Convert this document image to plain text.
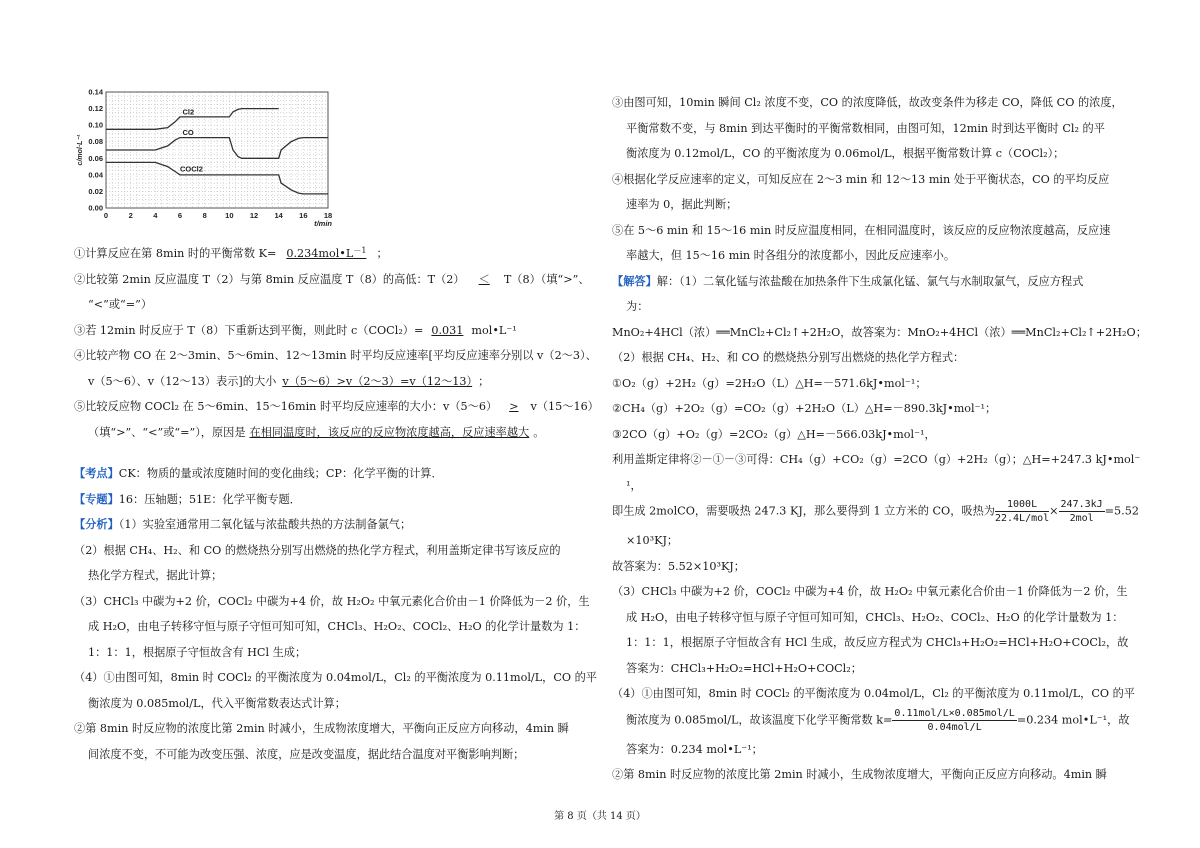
0	2	4	6	8 10 12 14 16 18
0.00
0.02
0.04
0.06
0.08
0.10
0.12
0.14
t/min
c/mol·L⁻¹
Cl2
CO
COCl2
①计算反应在第 8min 时的平衡常数 $K= 0.234mol•L^{-1}$ ；
②比较第 2min 反应温度 T（2）与第 8min 反应温度 T（8）的高低：T（2） ＜ T（8）（填“>”、
“<”或“=”）
③若 12min 时反应于 T（8）下重新达到平衡，则此时 c（COCl₂）= 0.031 mol•L⁻¹
④比较产物 CO 在 2～3min、5～6min、12～13min 时平均反应速率[平均反应速率分别以 v（2～3）、
v（5～6）、v（12～13）表示]的大小 v（5～6）>v（2～3）=v（12～13） ；
⑤比较反应物 COCl₂ 在 5～6min、15～16min 时平均反应速率的大小：v（5～6） > v（15～16）
（填“>”、“<”或“=”），原因是 在相同温度时，该反应的反应物浓度越高，反应速率越大 。
【考点】CK：物质的量或浓度随时间的变化曲线；CP：化学平衡的计算．
【专题】16：压轴题；51E：化学平衡专题．
【分析】（1）实验室通常用二氧化锰与浓盐酸共热的方法制备氯气；
（2）根据 CH₄、H₂、和 CO 的燃烧热分别写出燃烧的热化学方程式，利用盖斯定律书写该反应的
热化学方程式，据此计算；
（3）CHCl₃ 中碳为+2 价，COCl₂ 中碳为+4 价，故 H₂O₂ 中氧元素化合价由－1 价降低为－2 价，生
成 H₂O，由电子转移守恒与原子守恒可知可知，CHCl₃、H₂O₂、COCl₂、H₂O 的化学计量数为 1：
1：1：1，根据原子守恒故含有 HCl 生成；
（4）①由图可知，8min 时 COCl₂ 的平衡浓度为 0.04mol/L，Cl₂ 的平衡浓度为 0.11mol/L，CO 的平
衡浓度为 0.085mol/L，代入平衡常数表达式计算；
②第 8min 时反应物的浓度比第 2min 时减小，生成物浓度增大，平衡向正反应方向移动，4min 瞬
间浓度不变，不可能为改变压强、浓度，应是改变温度，据此结合温度对平衡影响判断；
③由图可知，10min 瞬间 Cl₂ 浓度不变，CO 的浓度降低，故改变条件为移走 CO，降低 CO 的浓度，
平衡常数不变，与 8min 到达平衡时的平衡常数相同，由图可知，12min 时到达平衡时 Cl₂ 的平
衡浓度为 0.12mol/L，CO 的平衡浓度为 0.06mol/L，根据平衡常数计算 c（COCl₂）；
④根据化学反应速率的定义，可知反应在 2～3 min 和 12～13 min 处于平衡状态，CO 的平均反应
速率为 0，据此判断；
⑤在 5～6 min 和 15～16 min 时反应温度相同，在相同温度时，该反应的反应物浓度越高，反应速
率越大，但 15～16 min 时各组分的浓度都小，因此反应速率小。
【解答】解：（1）二氧化锰与浓盐酸在加热条件下生成氯化锰、氯气与水制取氯气，反应方程式
为：
MnO₂+4HCl（浓）══MnCl₂+Cl₂↑+2H₂O，故答案为：MnO₂+4HCl（浓）══MnCl₂+Cl₂↑+2H₂O；
（2）根据 CH₄、H₂、和 CO 的燃烧热分别写出燃烧的热化学方程式：
①O₂（g）+2H₂（g）=2H₂O（L）△H=－571.6kJ•mol⁻¹；
②CH₄（g）+2O₂（g）=CO₂（g）+2H₂O（L）△H=－890.3kJ•mol⁻¹；
③2CO（g）+O₂（g）=2CO₂（g）△H=－566.03kJ•mol⁻¹，
利用盖斯定律将②－①－③可得：CH₄（g）+CO₂（g）=2CO（g）+2H₂（g）；△H=+247.3 kJ•mol⁻
¹，
即生成 2molCO，需要吸热 247.3 KJ，那么要得到 1 立方米的 CO，吸热为	1000L
22.4L/mol
× 247.3kJ
2mol
=5.52
×10³KJ；
故答案为：5.52×10³KJ；
（3）CHCl₃ 中碳为+2 价，COCl₂ 中碳为+4 价，故 H₂O₂ 中氧元素化合价由－1 价降低为－2 价，生
成 H₂O，由电子转移守恒与原子守恒可知可知，CHCl₃、H₂O₂、COCl₂、H₂O 的化学计量数为 1：
1：1：1，根据原子守恒故含有 HCl 生成，故反应方程式为 CHCl₃+H₂O₂=HCl+H₂O+COCl₂，故
答案为：CHCl₃+H₂O₂=HCl+H₂O+COCl₂；
（4）①由图可知，8min 时 COCl₂ 的平衡浓度为 0.04mol/L，Cl₂ 的平衡浓度为 0.11mol/L，CO 的平
衡浓度为 0.085mol/L，故该温度下化学平衡常数 k= 0.11mol/L×0.085mol/L
0.04mol/L
=0.234 mol•L⁻¹，故
答案为：0.234 mol•L⁻¹；
②第 8min 时反应物的浓度比第 2min 时减小，生成物浓度增大，平衡向正反应方向移动。4min 瞬
第 8 页（共 14 页）
